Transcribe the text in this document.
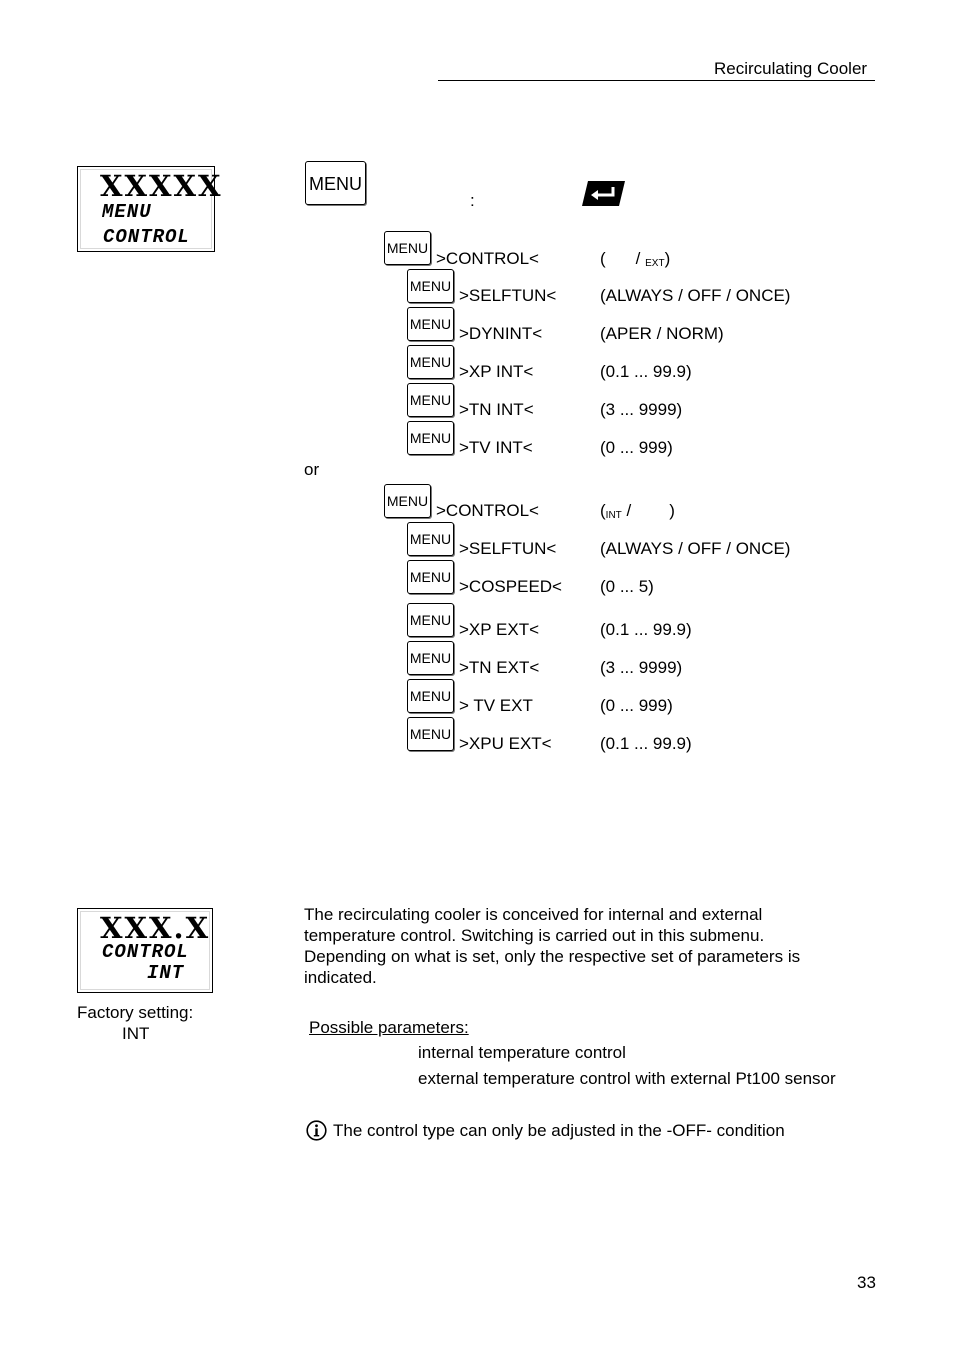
Recirculating Cooler
XXXXX
MENU
CONTROL
MENU
:
MENU
>CONTROL<	( / $_{EXT}$)
MENU >SELFTUN<	(ALWAYS / OFF / ONCE)
MENU >DYNINT<	(APER / NORM)
MENU >XP INT<	(0.1 ... 99.9)
MENU >TN INT<	(3 ... 9999)
MENU >TV INT<	(0 ... 999)
or
MENU >CONTROL<	($_{INT}$ / )
MENU >SELFTUN<	(ALWAYS / OFF / ONCE)
MENU >COSPEED< (0 ... 5)
MENU >XP EXT<	(0.1 ... 99.9)
MENU >TN EXT<	(3 ... 9999)
MENU > TV EXT	(0 ... 999)
MENU >XPU EXT<	(0.1 ... 99.9)
XXX.X
CONTROL
INT
Factory setting:
INT
The recirculating cooler is conceived for internal and external
temperature control. Switching is carried out in this submenu.
Depending on what is set, only the respective set of parameters is
indicated.
Possible parameters:
internal temperature control
external temperature control with external Pt100 sensor
The control type can only be adjusted in the -OFF- condition
33
